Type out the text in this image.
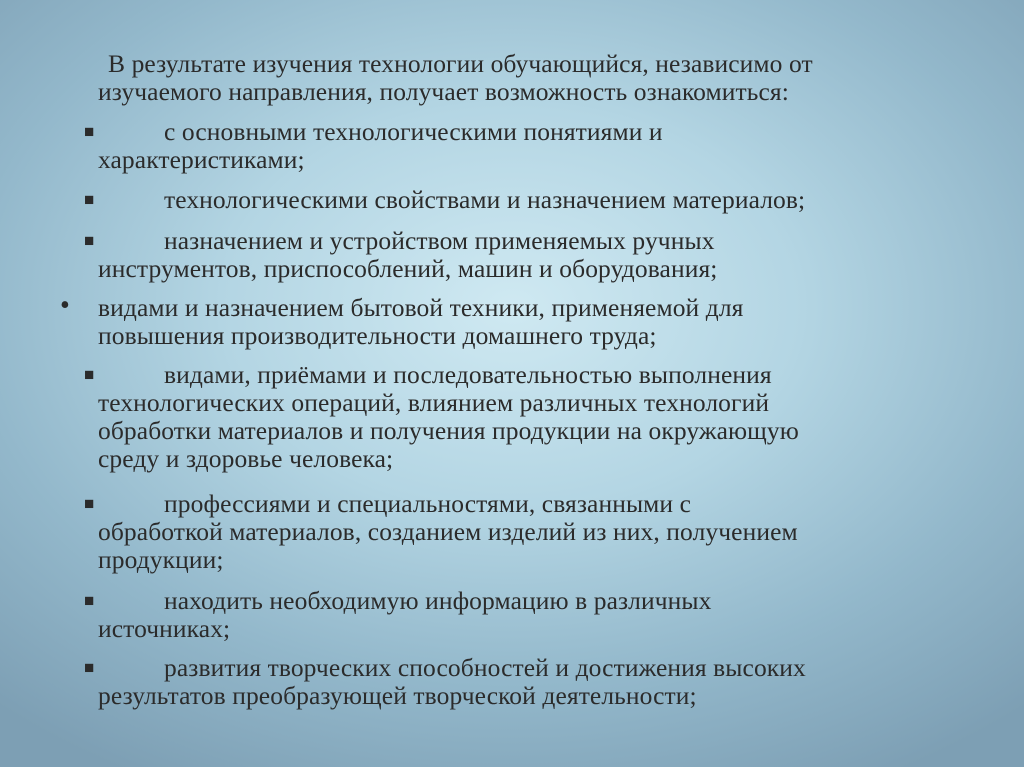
В результате изучения технологии обучающийся, независимо от
изучаемого направления, получает возможность ознакомиться:
■	с основными технологическими понятиями и
характеристиками;
■	технологическими свойствами и назначением материалов;
■	назначением и устройством применяемых ручных
инструментов, приспособлений, машин и оборудования;
• видами и назначением бытовой техники, применяемой для
повышения производительности домашнего труда;
■	видами, приёмами и последовательностью выполнения
технологических операций, влиянием различных технологий
обработки материалов и получения продукции на окружающую
среду и здоровье человека;
■	профессиями и специальностями, связанными с
обработкой материалов, созданием изделий из них, получением
продукции;
■	находить необходимую информацию в различных
источниках;
■	развития творческих способностей и достижения высоких
результатов преобразующей творческой деятельности;
